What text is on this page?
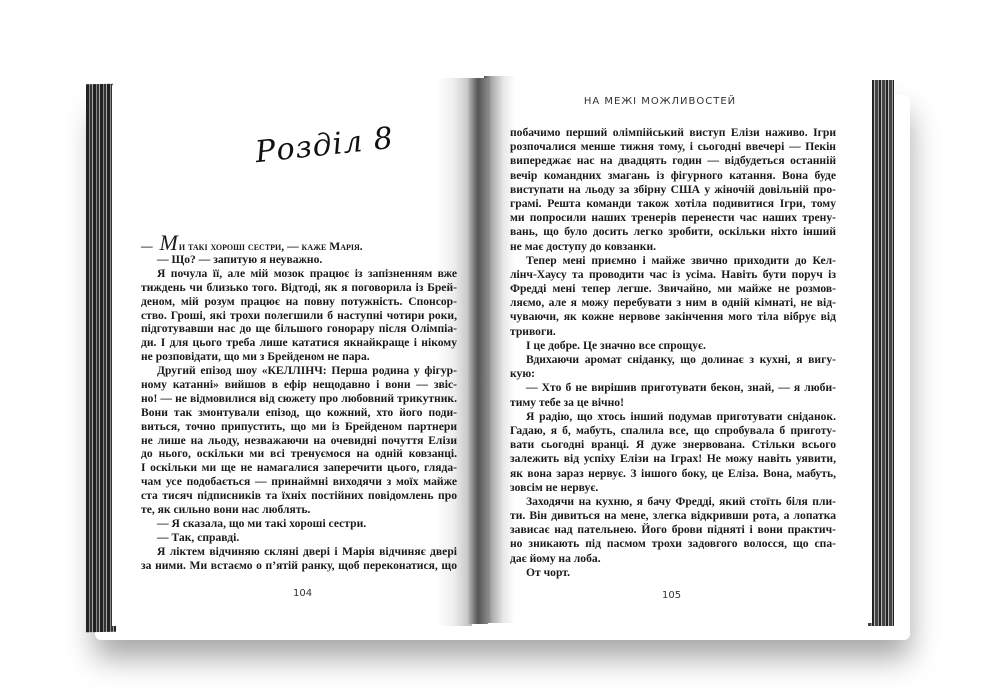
Розділ 8
— Ми такі хороші сестри, — каже Марія.
— Що? — запитую я неуважно.
Я почула її, але мій мозок працює із запізненням вже
тиждень чи близько того. Відтоді, як я поговорила із Брей-
деном, мій розум працює на повну потужність. Спонсор-
ство. Гроші, які трохи полегшили б наступні чотири роки,
підготувавши нас до ще більшого гонорару після Олімпіа-
ди. І для цього треба лише кататися якнайкраще і нікому
не розповідати, що ми з Брейденом не пара.
Другий епізод шоу «КЕЛЛІНЧ: Перша родина у фігур-
ному катанні» вийшов в ефір нещодавно і вони — звіс-
но! — не відмовилися від сюжету про любовний трикутник.
Вони так змонтували епізод, що кожний, хто його поди-
виться, точно припустить, що ми із Брейденом партнери
не лише на льоду, незважаючи на очевидні почуття Елізи
до нього, оскільки ми всі тренуємося на одній ковзанці.
І оскільки ми ще не намагалися заперечити цього, гляда-
чам усе подобається — принаймні виходячи з моїх майже
ста тисяч підписників та їхніх постійних повідомлень про
те, як сильно вони нас люблять.
— Я сказала, що ми такі хороші сестри.
— Так, справді.
Я ліктем відчиняю скляні двері і Марія відчиняє двері
за ними. Ми встаємо о п’ятій ранку, щоб переконатися, що
104
НА МЕЖІ МОЖЛИВОСТЕЙ
побачимо перший олімпійський виступ Елізи наживо. Ігри
розпочалися менше тижня тому, і сьогодні ввечері — Пекін
випереджає нас на двадцять годин — відбудеться останній
вечір командних змагань із фігурного катання. Вона буде
виступати на льоду за збірну США у жіночій довільній про-
грамі. Решта команди також хотіла подивитися Ігри, тому
ми попросили наших тренерів перенести час наших трену-
вань, що було досить легко зробити, оскільки ніхто інший
не має доступу до ковзанки.
Тепер мені приємно і майже звично приходити до Кел-
лінч-Хаусу та проводити час із усіма. Навіть бути поруч із
Фредді мені тепер легше. Звичайно, ми майже не розмов-
ляємо, але я можу перебувати з ним в одній кімнаті, не від-
чуваючи, як кожне нервове закінчення мого тіла вібрує від
тривоги.
І це добре. Це значно все спрощує.
Вдихаючи аромат сніданку, що долинає з кухні, я вигу-
кую:
— Хто б не вирішив приготувати бекон, знай, — я люби-
тиму тебе за це вічно!
Я радію, що хтось інший подумав приготувати сніданок.
Гадаю, я б, мабуть, спалила все, що спробувала б приготу-
вати сьогодні вранці. Я дуже знервована. Стільки всього
залежить від успіху Елізи на Іграх! Не можу навіть уявити,
як вона зараз нервує. З іншого боку, це Еліза. Вона, мабуть,
зовсім не нервує.
Заходячи на кухню, я бачу Фредді, який стоїть біля пли-
ти. Він дивиться на мене, злегка відкривши рота, а лопатка
зависає над пательнею. Його брови підняті і вони практич-
но зникають під пасмом трохи задовгого волосся, що спа-
дає йому на лоба.
От чорт.
105
